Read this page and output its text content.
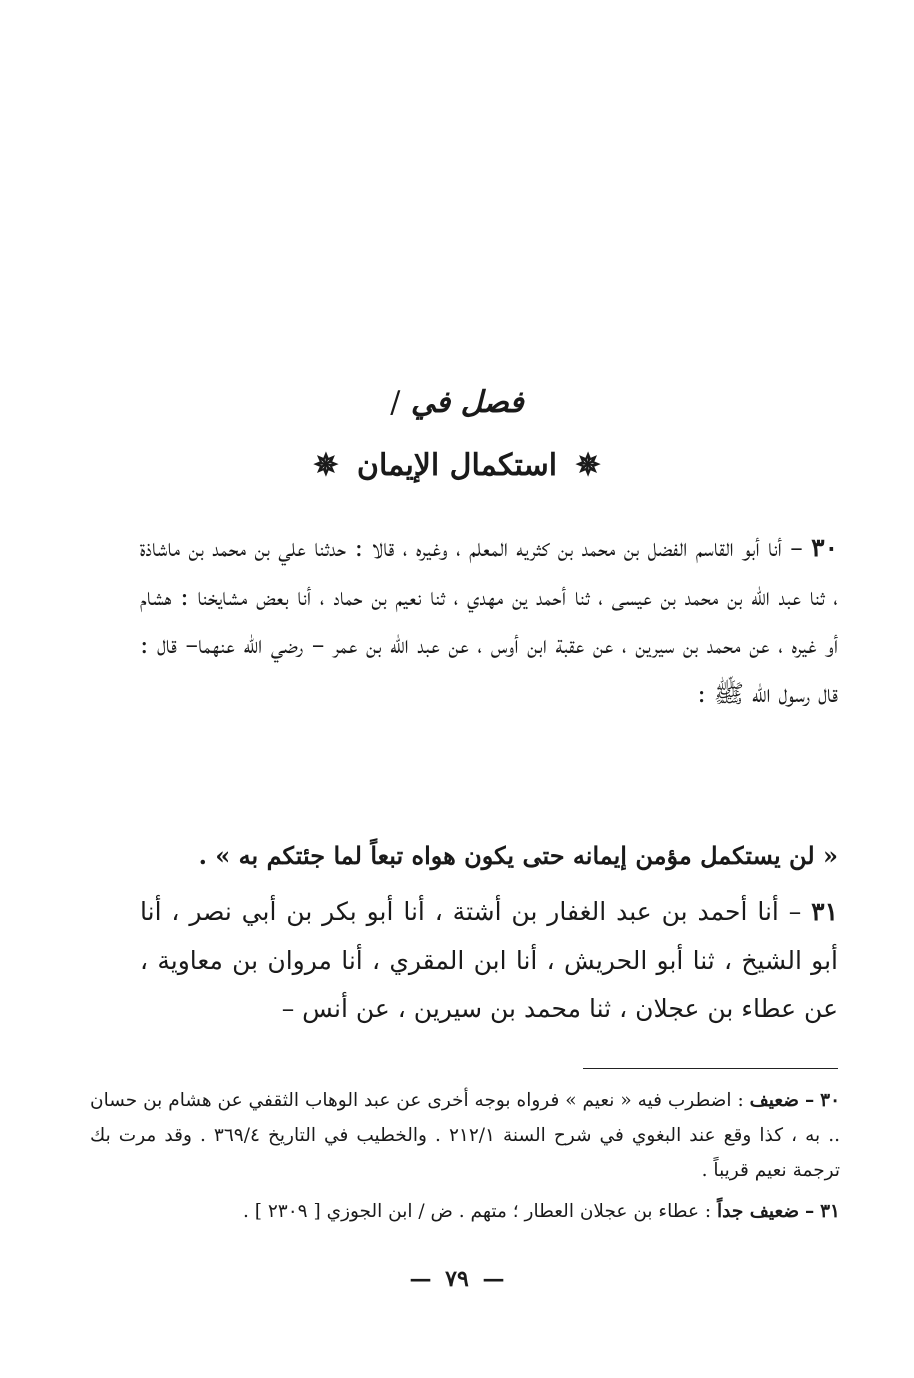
فصل في /
✵ استكمال الإيمان ✵

٣٠ – أنا أبو القاسم الفضل بن محمد بن كثريه المعلم ، وغيره ، قالا : حدثنا علي بن محمد بن ماشاذة ، ثنا عبد الله بن محمد بن عيسى ، ثنا أحمد ين مهدي ، ثنا نعيم بن حماد ، أنا بعض مشايخنا : هشام أو غيره ، عن محمد بن سيرين ، عن عقبة ابن أوس ، عن عبد الله بن عمر – رضي الله عنهما– قال : قال رسول الله ﷺ :

« لن يستكمل مؤمن إيمانه حتى يكون هواه تبعاً لما جئتكم به » .

٣١ – أنا أحمد بن عبد الغفار بن أشتة ، أنا أبو بكر بن أبي نصر ، أنا أبو الشيخ ، ثنا أبو الحريش ، أنا ابن المقري ، أنا مروان بن معاوية ، عن عطاء بن عجلان ، ثنا محمد بن سيرين ، عن أنس –

٣٠ – ضعيف : اضطرب فيه « نعيم » فرواه بوجه أخرى عن عبد الوهاب الثقفي عن هشام بن حسان .. به ، كذا وقع عند البغوي في شرح السنة ٢١٢/١ . والخطيب في التاريخ ٣٦٩/٤ . وقد مرت بك ترجمة نعيم قريباً .

٣١ – ضعيف جداً : عطاء بن عجلان العطار ؛ متهم . ض / ابن الجوزي [ ٢٣٠٩ ] .

— ٧٩ —
